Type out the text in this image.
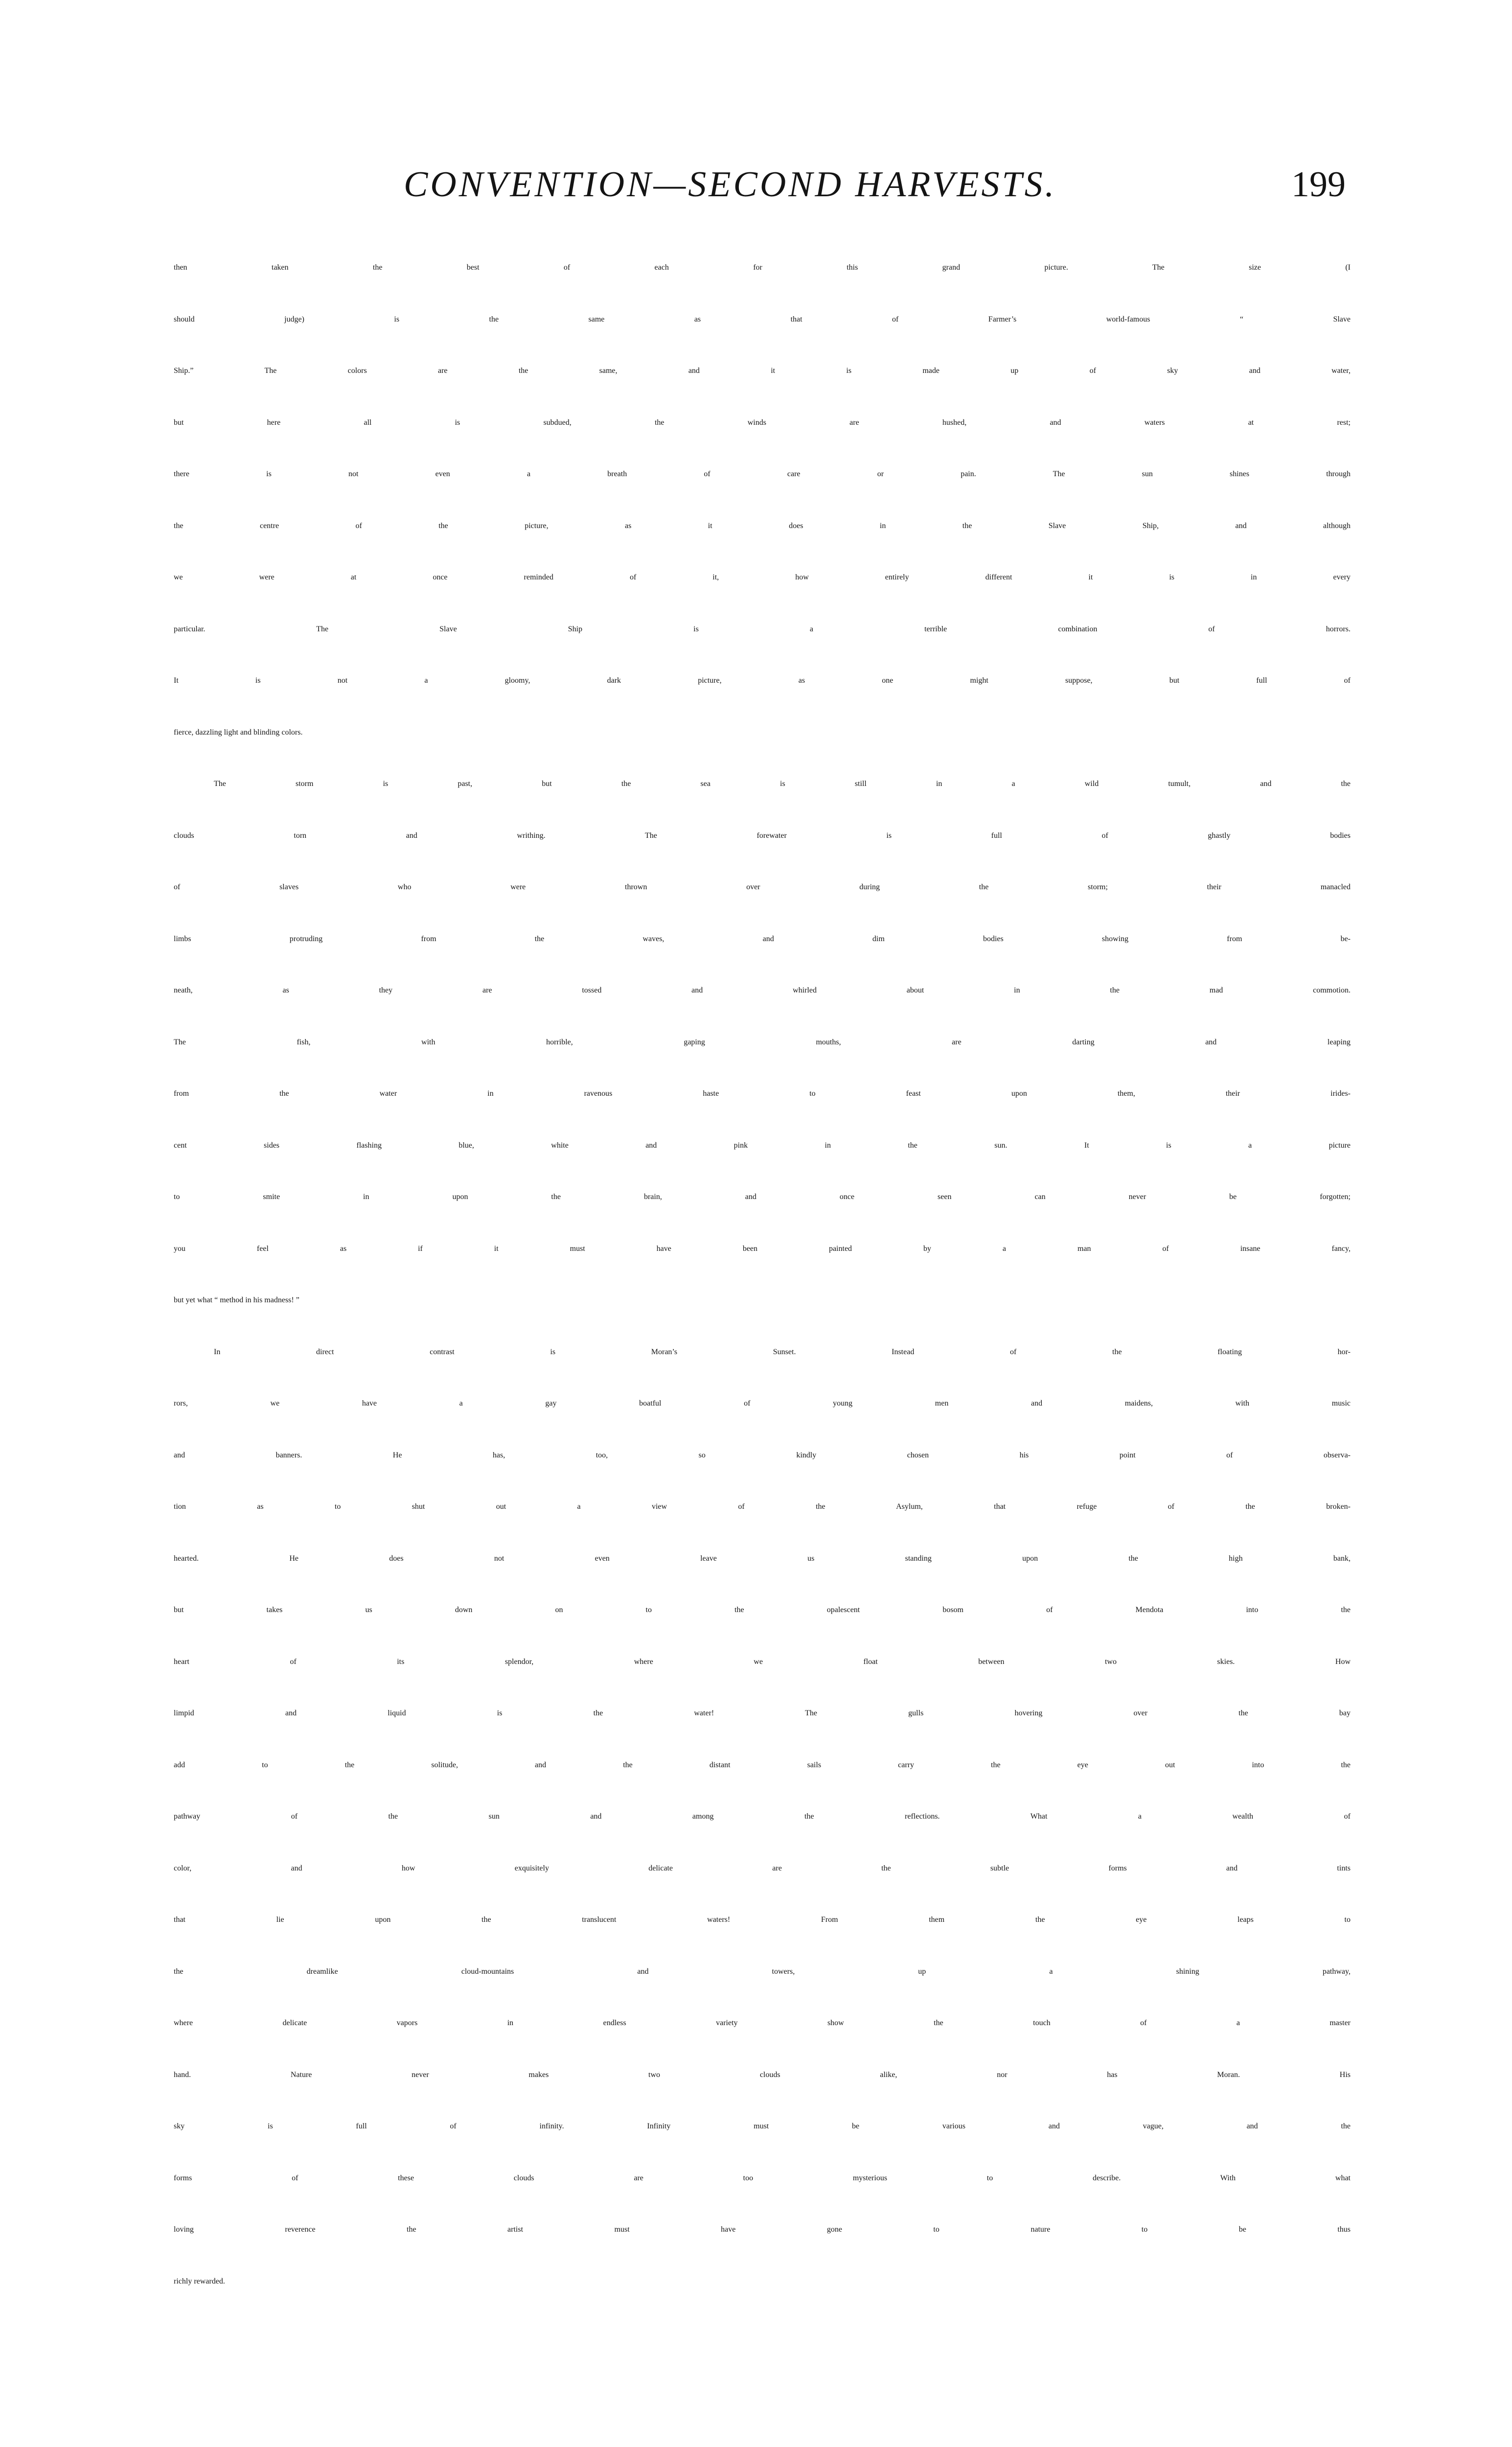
CONVENTION—SECOND HARVESTS.	199
then taken the best of each for this grand picture. The size (I
should judge) is the same as that of Farmer’s world-famous “ Slave
Ship.” The colors are the same, and it is made up of sky and water,
but here all is subdued, the winds are hushed, and waters at rest;
there is not even a breath of care or pain. The sun shines through
the centre of the picture, as it does in the Slave Ship, and although
we were at once reminded of it, how entirely different it is in every
particular. The Slave Ship is a terrible combination of horrors.
It is not a gloomy, dark picture, as one might suppose, but full of
fierce, dazzling light and blinding colors.
The storm is past, but the sea is still in a wild tumult, and the
clouds torn and writhing. The forewater is full of ghastly bodies
of slaves who were thrown over during the storm; their manacled
limbs protruding from the waves, and dim bodies showing from be-
neath, as they are tossed and whirled about in the mad commotion.
The fish, with horrible, gaping mouths, are darting and leaping
from the water in ravenous haste to feast upon them, their irides-
cent sides flashing blue, white and pink in the sun. It is a picture
to smite in upon the brain, and once seen can never be forgotten;
you feel as if it must have been painted by a man of insane fancy,
but yet what “ method in his madness! ”
In direct contrast is Moran’s Sunset. Instead of the floating hor-
rors, we have a gay boatful of young men and maidens, with music
and banners. He has, too, so kindly chosen his point of observa-
tion as to shut out a view of the Asylum, that refuge of the broken-
hearted. He does not even leave us standing upon the high bank,
but takes us down on to the opalescent bosom of Mendota into the
heart of its splendor, where we float between two skies. How
limpid and liquid is the water! The gulls hovering over the bay
add to the solitude, and the distant sails carry the eye out into the
pathway of the sun and among the reflections. What a wealth of
color, and how exquisitely delicate are the subtle forms and tints
that lie upon the translucent waters! From them the eye leaps to
the dreamlike cloud-mountains and towers, up a shining pathway,
where delicate vapors in endless variety show the touch of a master
hand. Nature never makes two clouds alike, nor has Moran. His
sky is full of infinity. Infinity must be various and vague, and the
forms of these clouds are too mysterious to describe. With what
loving reverence the artist must have gone to nature to be thus
richly rewarded.
